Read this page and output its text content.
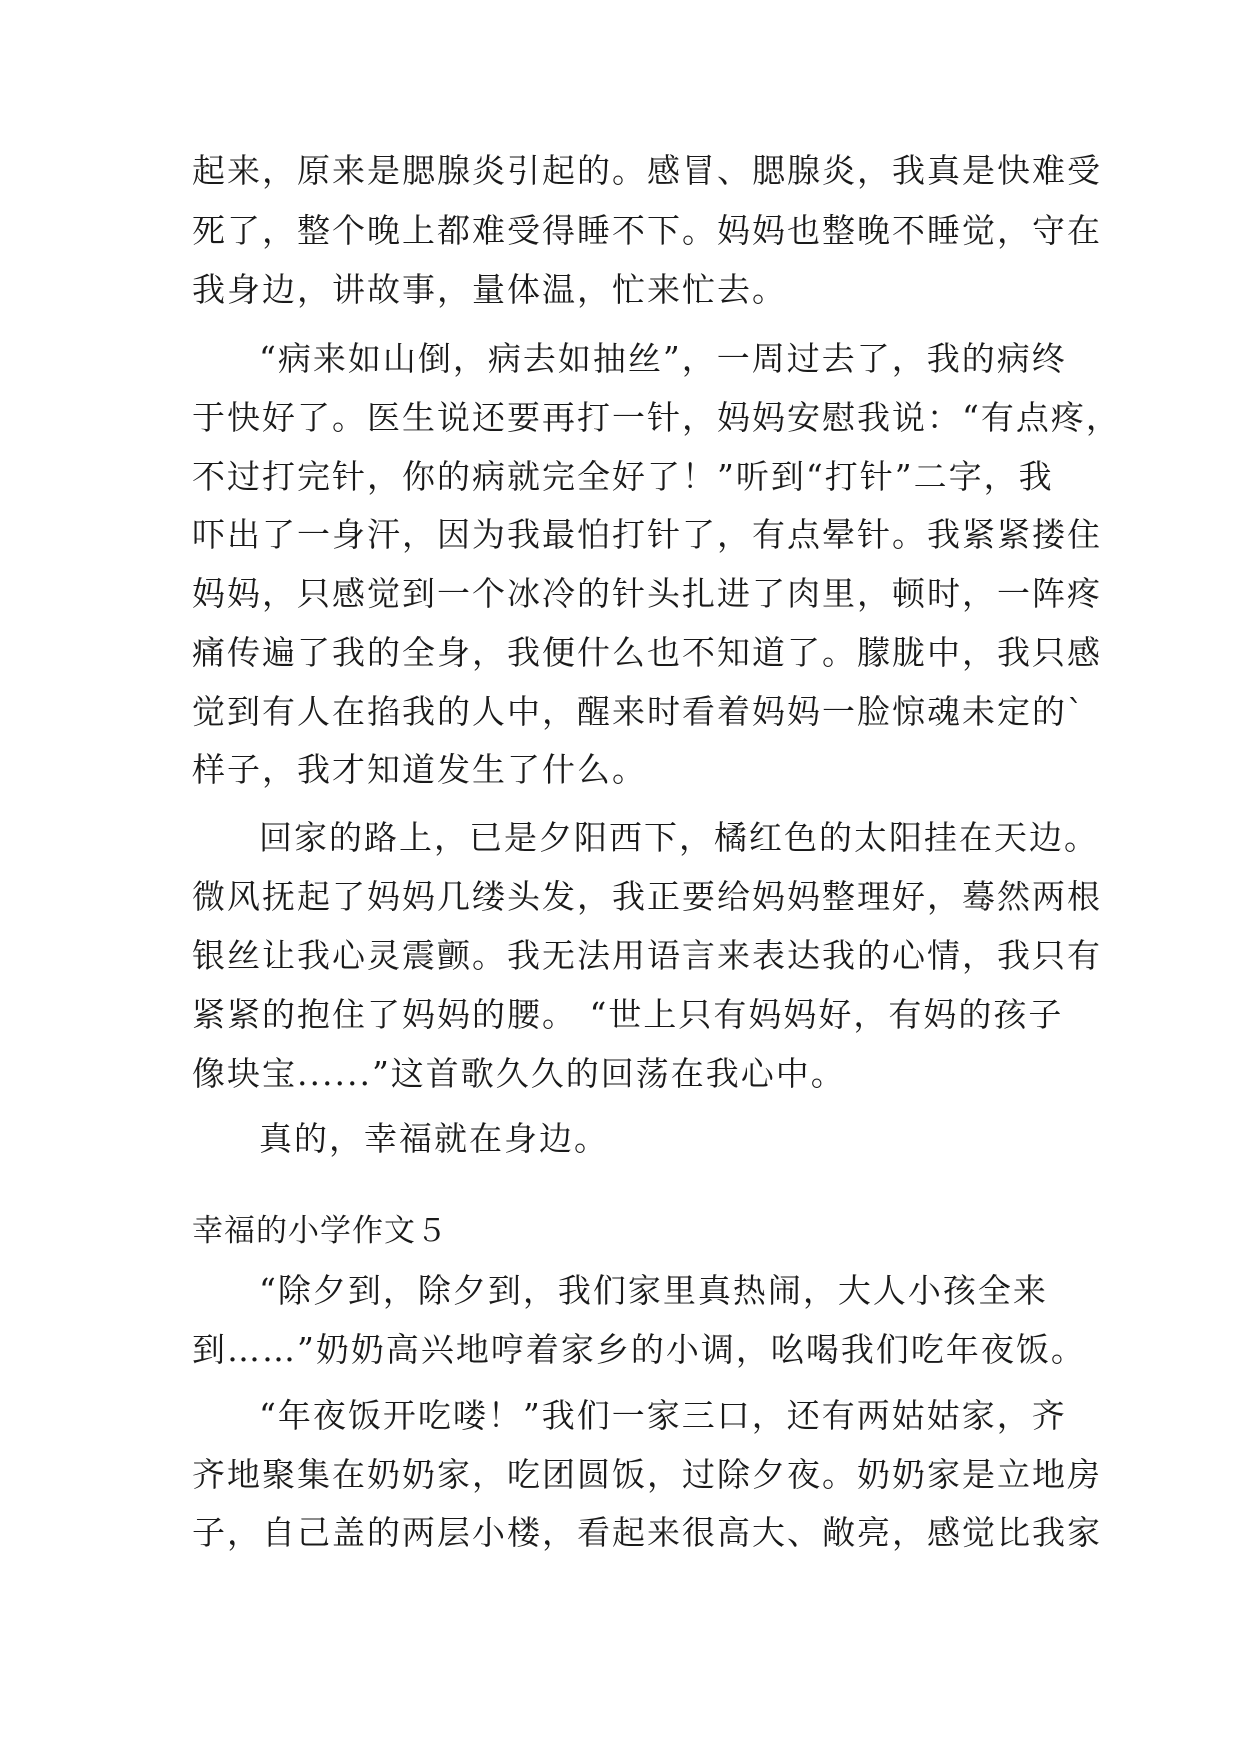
起来，原来是腮腺炎引起的。感冒、腮腺炎，我真是快难受
死了，整个晚上都难受得睡不下。妈妈也整晚不睡觉，守在
我身边，讲故事，量体温，忙来忙去。
“病来如山倒，病去如抽丝”，一周过去了，我的病终
于快好了。医生说还要再打一针，妈妈安慰我说：“有点疼，
不过打完针，你的病就完全好了！”听到“打针”二字，我
吓出了一身汗，因为我最怕打针了，有点晕针。我紧紧搂住
妈妈，只感觉到一个冰冷的针头扎进了肉里，顿时，一阵疼
痛传遍了我的全身，我便什么也不知道了。朦胧中，我只感
觉到有人在掐我的人中，醒来时看着妈妈一脸惊魂未定的`
样子，我才知道发生了什么。
回家的路上，已是夕阳西下，橘红色的太阳挂在天边。
微风抚起了妈妈几缕头发，我正要给妈妈整理好，蓦然两根
银丝让我心灵震颤。我无法用语言来表达我的心情，我只有
紧紧的抱住了妈妈的腰。 “世上只有妈妈好，有妈的孩子
像块宝......”这首歌久久的回荡在我心中。
真的，幸福就在身边。
幸福的小学作文５
“除夕到，除夕到，我们家里真热闹，大人小孩全来
到……”奶奶高兴地哼着家乡的小调，吆喝我们吃年夜饭。
“年夜饭开吃喽！”我们一家三口，还有两姑姑家，齐
齐地聚集在奶奶家，吃团圆饭，过除夕夜。奶奶家是立地房
子，自己盖的两层小楼，看起来很高大、敞亮，感觉比我家
